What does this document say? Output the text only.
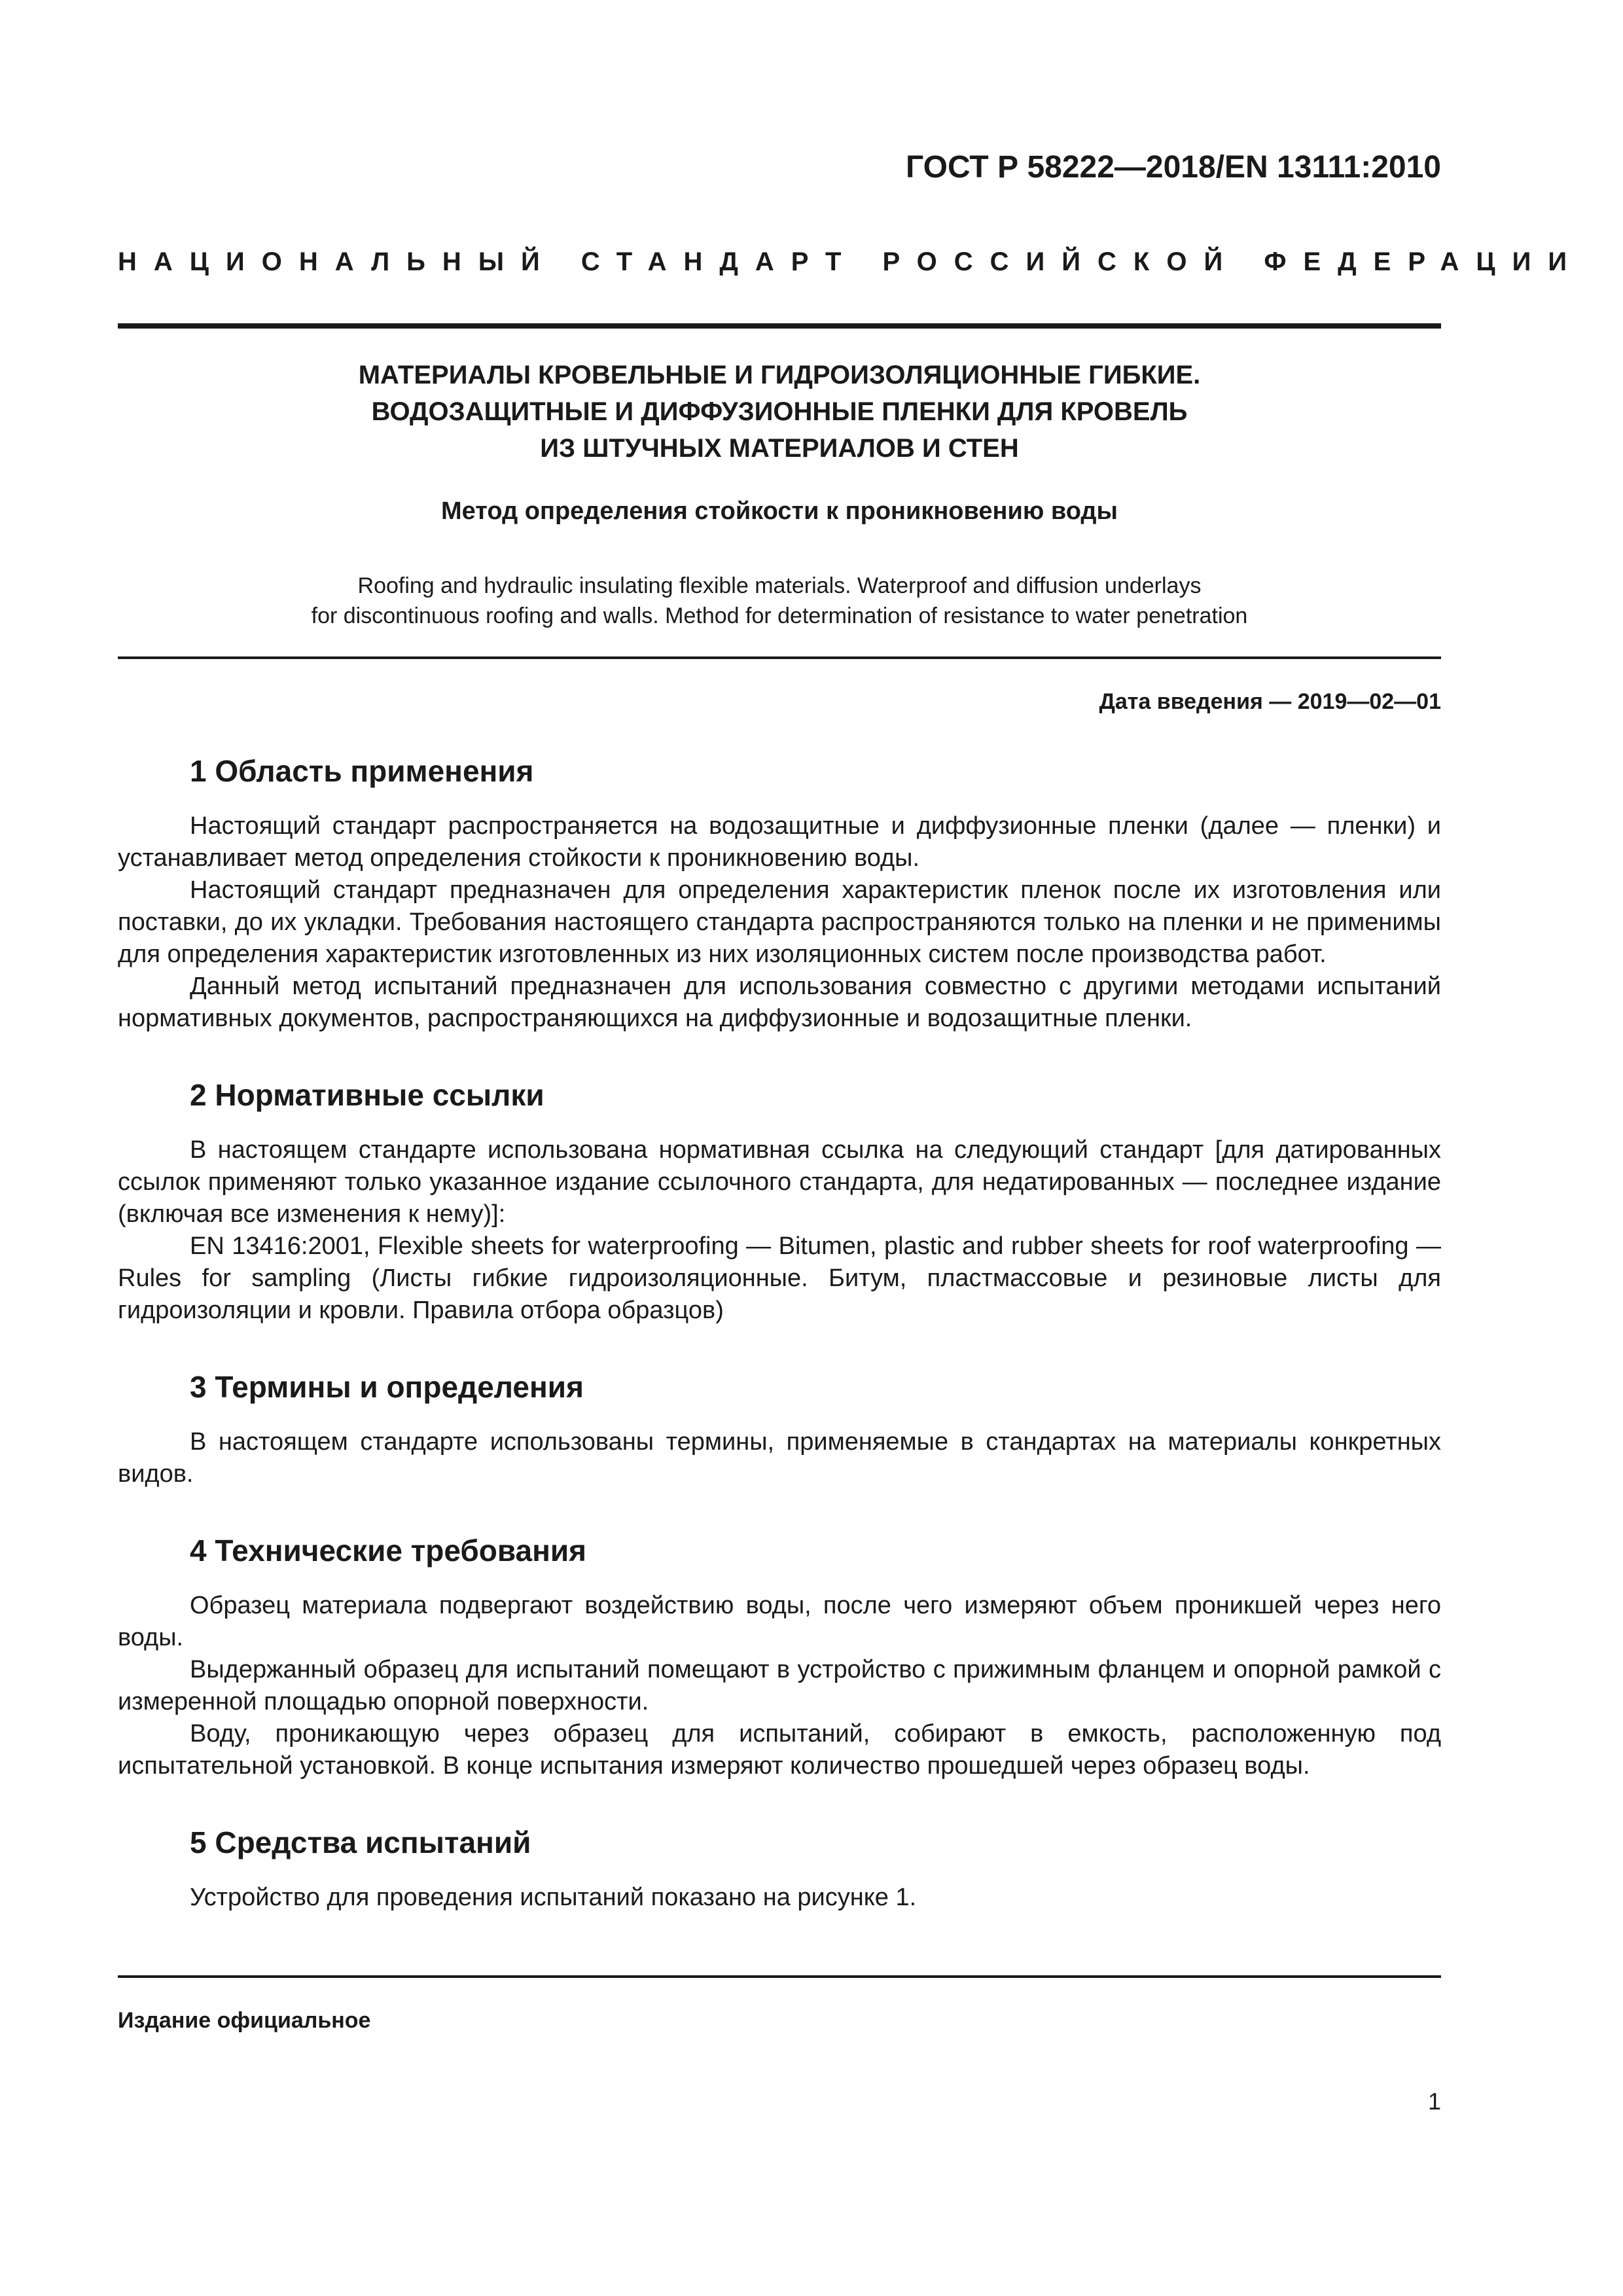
ГОСТ Р 58222—2018/EN 13111:2010
НАЦИОНАЛЬНЫЙ СТАНДАРТ РОССИЙСКОЙ ФЕДЕРАЦИИ
МАТЕРИАЛЫ КРОВЕЛЬНЫЕ И ГИДРОИЗОЛЯЦИОННЫЕ ГИБКИЕ.
ВОДОЗАЩИТНЫЕ И ДИФФУЗИОННЫЕ ПЛЕНКИ ДЛЯ КРОВЕЛЬ
ИЗ ШТУЧНЫХ МАТЕРИАЛОВ И СТЕН
Метод определения стойкости к проникновению воды
Roofing and hydraulic insulating flexible materials. Waterproof and diffusion underlays
for discontinuous roofing and walls. Method for determination of resistance to water penetration
Дата введения — 2019—02—01
1 Область применения

Настоящий стандарт распространяется на водозащитные и диффузионные пленки (далее — пленки) и устанавливает метод определения стойкости к проникновению воды.

Настоящий стандарт предназначен для определения характеристик пленок после их изготовления или поставки, до их укладки. Требования настоящего стандарта распространяются только на пленки и не применимы для определения характеристик изготовленных из них изоляционных систем после производства работ.

Данный метод испытаний предназначен для использования совместно с другими методами испытаний нормативных документов, распространяющихся на диффузионные и водозащитные пленки.

2 Нормативные ссылки

В настоящем стандарте использована нормативная ссылка на следующий стандарт [для датированных ссылок применяют только указанное издание ссылочного стандарта, для недатированных — последнее издание (включая все изменения к нему)]:

EN 13416:2001, Flexible sheets for waterproofing — Bitumen, plastic and rubber sheets for roof waterproofing — Rules for sampling (Листы гибкие гидроизоляционные. Битум, пластмассовые и резиновые листы для гидроизоляции и кровли. Правила отбора образцов)

3 Термины и определения

В настоящем стандарте использованы термины, применяемые в стандартах на материалы конкретных видов.

4 Технические требования

Образец материала подвергают воздействию воды, после чего измеряют объем проникшей через него воды.

Выдержанный образец для испытаний помещают в устройство с прижимным фланцем и опорной рамкой с измеренной площадью опорной поверхности.

Воду, проникающую через образец для испытаний, собирают в емкость, расположенную под испытательной установкой. В конце испытания измеряют количество прошедшей через образец воды.

5 Средства испытаний

Устройство для проведения испытаний показано на рисунке 1.

Издание официальное
1
